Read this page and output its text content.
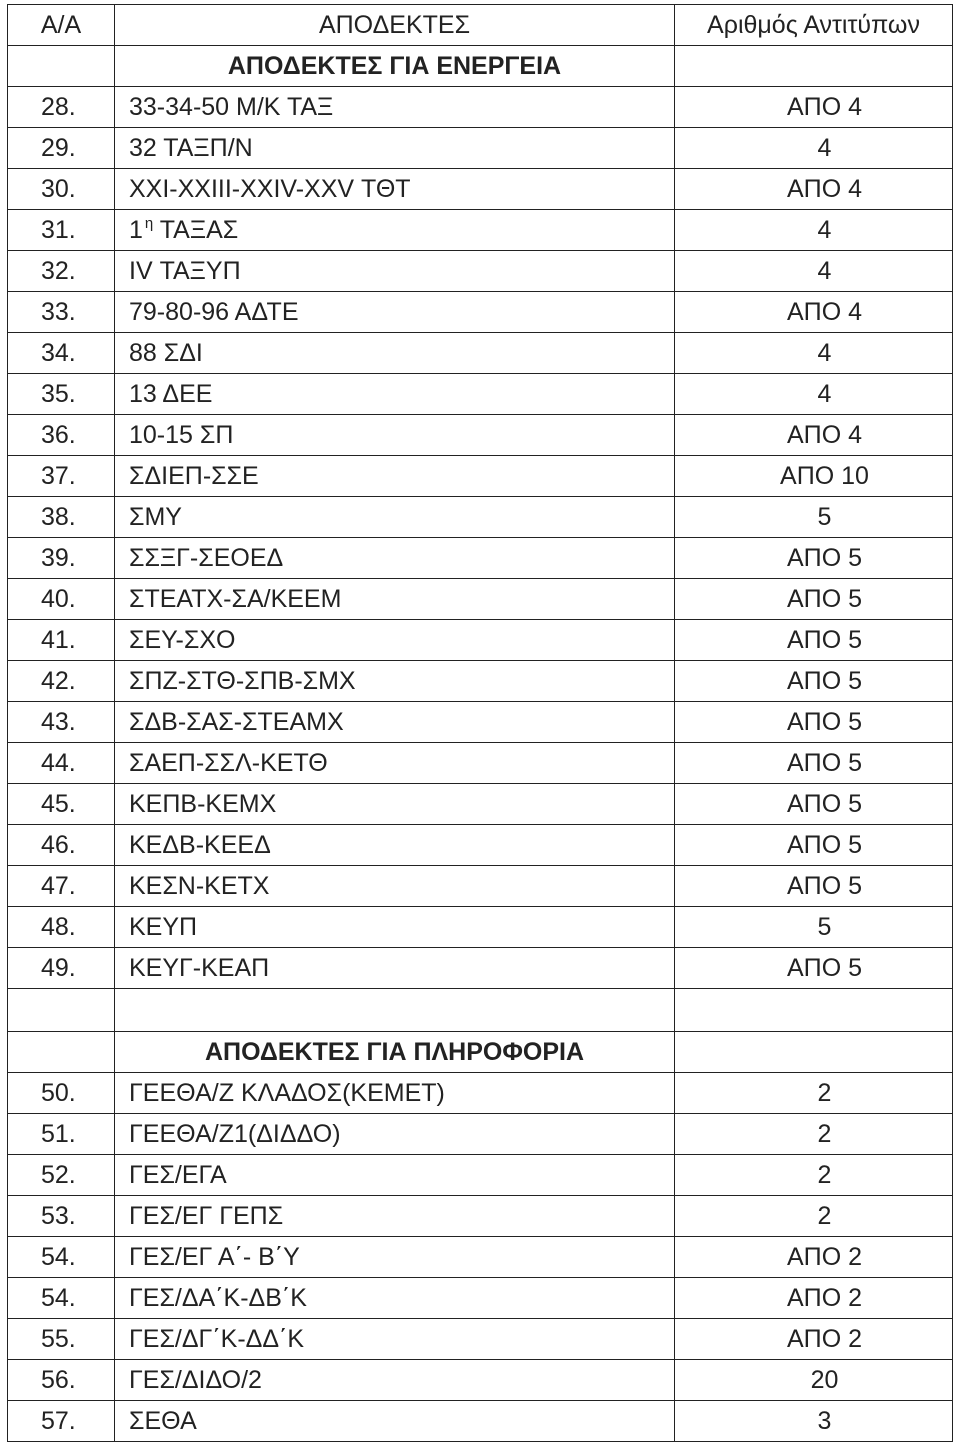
Α/Α	ΑΠΟΔΕΚΤΕΣ	Αριθμός Αντιτύπων
	ΑΠΟΔΕΚΤΕΣ ΓΙΑ ΕΝΕΡΓΕΙΑ	
28.	33-34-50 Μ/Κ ΤΑΞ	ΑΠΟ 4
29.	32 ΤΑΞΠ/Ν	4
30.	XXI-XXIII-XXIV-XXV ΤΘΤ	ΑΠΟ 4
31.	1 $^\eta$ ΤΑΞΑΣ	4
32.	IV ΤΑΞΥΠ	4
33.	79-80-96 ΑΔΤΕ	ΑΠΟ 4
34.	88 ΣΔΙ	4
35.	13 ΔΕΕ	4
36.	10-15 ΣΠ	ΑΠΟ 4
37.	ΣΔΙΕΠ-ΣΣΕ	ΑΠΟ 10
38.	ΣΜΥ	5
39.	ΣΣΞΓ-ΣΕΟΕΔ	ΑΠΟ 5
40.	ΣΤΕΑΤΧ-ΣΑ/ΚΕΕΜ	ΑΠΟ 5
41.	ΣΕΥ-ΣΧΟ	ΑΠΟ 5
42.	ΣΠΖ-ΣΤΘ-ΣΠΒ-ΣΜΧ	ΑΠΟ 5
43.	ΣΔΒ-ΣΑΣ-ΣΤΕΑΜΧ	ΑΠΟ 5
44.	ΣΑΕΠ-ΣΣΛ-ΚΕΤΘ	ΑΠΟ 5
45.	ΚΕΠΒ-ΚΕΜΧ	ΑΠΟ 5
46.	ΚΕΔΒ-ΚΕΕΔ	ΑΠΟ 5
47.	ΚΕΣΝ-ΚΕΤΧ	ΑΠΟ 5
48.	ΚΕΥΠ	5
49.	ΚΕΥΓ-ΚΕΑΠ	ΑΠΟ 5

	ΑΠΟΔΕΚΤΕΣ ΓΙΑ ΠΛΗΡΟΦΟΡΙΑ	
50.	ΓΕΕΘΑ/Ζ ΚΛΑΔΟΣ(ΚΕΜΕΤ)	2
51.	ΓΕΕΘΑ/Ζ1(ΔΙΔΔΟ)	2
52.	ΓΕΣ/ΕΓΑ	2
53.	ΓΕΣ/ΕΓ ΓΕΠΣ	2
54.	ΓΕΣ/ΕΓ Α΄- Β΄Υ	ΑΠΟ 2
54.	ΓΕΣ/ΔΑ΄Κ-ΔΒ΄Κ	ΑΠΟ 2
55.	ΓΕΣ/ΔΓ΄Κ-ΔΔ΄Κ	ΑΠΟ 2
56.	ΓΕΣ/ΔΙΔΟ/2	20
57.	ΣΕΘΑ	3
